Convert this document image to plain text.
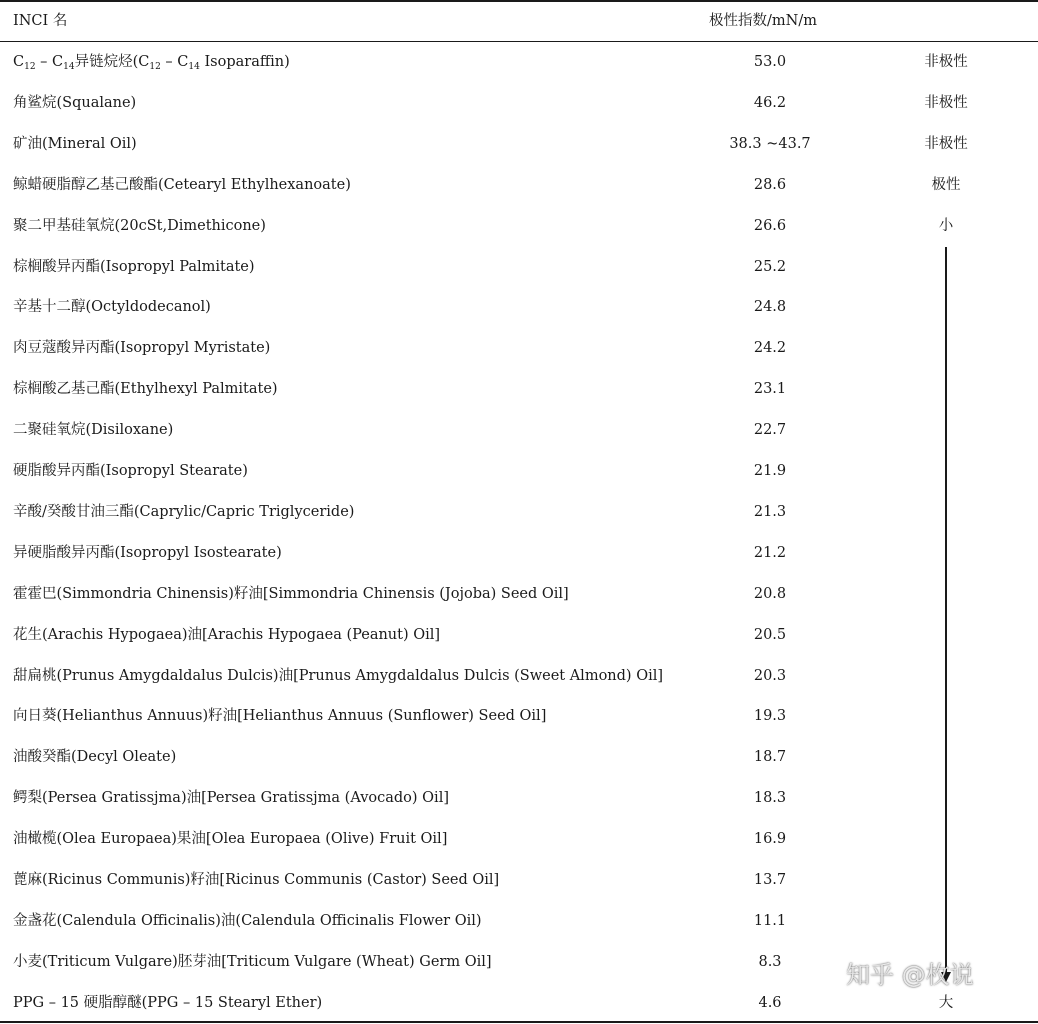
INCI 名	极性指数/mN/m
$C_{12} - C_{14}$异链烷烃($C_{12} - C_{14}$ Isoparaffin)	53.0	非极性
角鲨烷(Squalane)	46.2	非极性
矿油(Mineral Oil)	38.3 ~43.7	非极性
鲸蜡硬脂醇乙基己酸酯(Cetearyl Ethylhexanoate)	28.6	极性
聚二甲基硅氧烷(20cSt,Dimethicone)	26.6	小
棕榈酸异丙酯(Isopropyl Palmitate)	25.2
辛基十二醇(Octyldodecanol)	24.8
肉豆蔻酸异丙酯(Isopropyl Myristate)	24.2
棕榈酸乙基己酯(Ethylhexyl Palmitate)	23.1
二聚硅氧烷(Disiloxane)	22.7
硬脂酸异丙酯(Isopropyl Stearate)	21.9
辛酸/癸酸甘油三酯(Caprylic/Capric Triglyceride)	21.3
异硬脂酸异丙酯(Isopropyl Isostearate)	21.2
霍霍巴(Simmondria Chinensis)籽油[Simmondria Chinensis (Jojoba) Seed Oil]	20.8
花生(Arachis Hypogaea)油[Arachis Hypogaea (Peanut) Oil]	20.5
甜扁桃(Prunus Amygdaldalus Dulcis)油[Prunus Amygdaldalus Dulcis (Sweet Almond) Oil]	20.3
向日葵(Helianthus Annuus)籽油[Helianthus Annuus (Sunflower) Seed Oil]	19.3
油酸癸酯(Decyl Oleate)	18.7
鳄梨(Persea Gratissjma)油[Persea Gratissjma (Avocado) Oil]	18.3
油橄榄(Olea Europaea)果油[Olea Europaea (Olive) Fruit Oil]	16.9
蓖麻(Ricinus Communis)籽油[Ricinus Communis (Castor) Seed Oil]	13.7
金盏花(Calendula Officinalis)油(Calendula Officinalis Flower Oil)	11.1
小麦(Triticum Vulgare)胚芽油[Triticum Vulgare (Wheat) Germ Oil]	8.3
PPG – 15 硬脂醇醚(PPG – 15 Stearyl Ether)	4.6	大
知乎 @枚说
